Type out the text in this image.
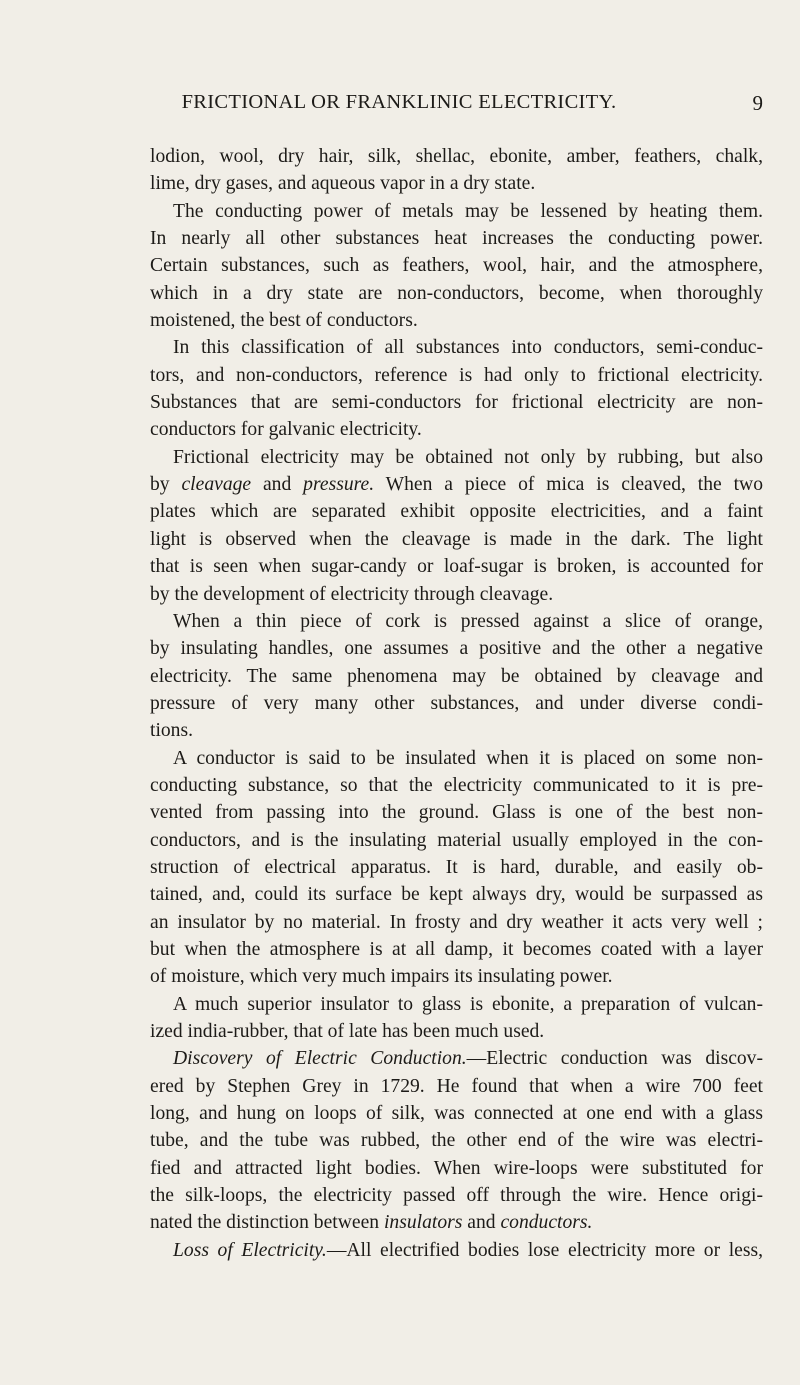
FRICTIONAL OR FRANKLINIC ELECTRICITY.	9
lodion, wool, dry hair, silk, shellac, ebonite, amber, feathers, chalk,
lime, dry gases, and aqueous vapor in a dry state.
The conducting power of metals may be lessened by heating them.
In nearly all other substances heat increases the conducting power.
Certain substances, such as feathers, wool, hair, and the atmosphere,
which in a dry state are non-conductors, become, when thoroughly
moistened, the best of conductors.
In this classification of all substances into conductors, semi-conduc-
tors, and non-conductors, reference is had only to frictional electricity.
Substances that are semi-conductors for frictional electricity are non-
conductors for galvanic electricity.
Frictional electricity may be obtained not only by rubbing, but also
by cleavage and pressure. When a piece of mica is cleaved, the two
plates which are separated exhibit opposite electricities, and a faint
light is observed when the cleavage is made in the dark. The light
that is seen when sugar-candy or loaf-sugar is broken, is accounted for
by the development of electricity through cleavage.
When a thin piece of cork is pressed against a slice of orange,
by insulating handles, one assumes a positive and the other a negative
electricity. The same phenomena may be obtained by cleavage and
pressure of very many other substances, and under diverse condi-
tions.
A conductor is said to be insulated when it is placed on some non-
conducting substance, so that the electricity communicated to it is pre-
vented from passing into the ground. Glass is one of the best non-
conductors, and is the insulating material usually employed in the con-
struction of electrical apparatus. It is hard, durable, and easily ob-
tained, and, could its surface be kept always dry, would be surpassed as
an insulator by no material. In frosty and dry weather it acts very well ;
but when the atmosphere is at all damp, it becomes coated with a layer
of moisture, which very much impairs its insulating power.
A much superior insulator to glass is ebonite, a preparation of vulcan-
ized india-rubber, that of late has been much used.
Discovery of Electric Conduction.—Electric conduction was discov-
ered by Stephen Grey in 1729. He found that when a wire 700 feet
long, and hung on loops of silk, was connected at one end with a glass
tube, and the tube was rubbed, the other end of the wire was electri-
fied and attracted light bodies. When wire-loops were substituted for
the silk-loops, the electricity passed off through the wire. Hence origi-
nated the distinction between insulators and conductors.
Loss of Electricity.—All electrified bodies lose electricity more or less,
